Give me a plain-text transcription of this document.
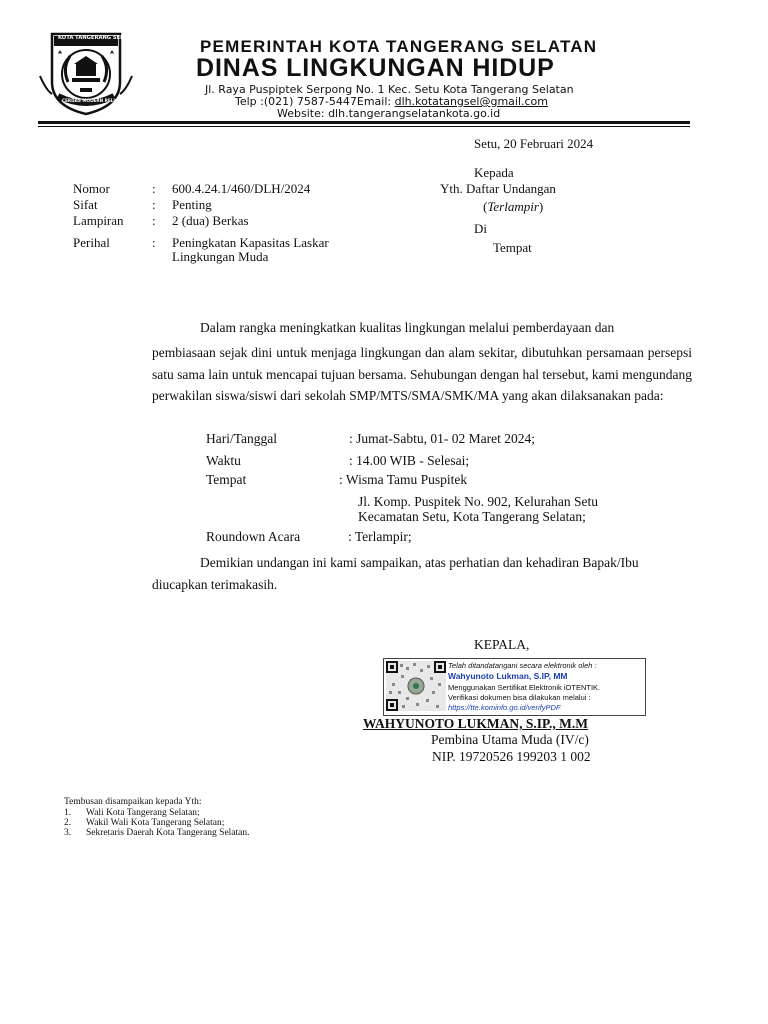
KOTA TANGERANG SELATAN
CERDAS MODERN RELIGIUS
PEMERINTAH KOTA TANGERANG SELATAN
DINAS LINGKUNGAN HIDUP
Jl. Raya Puspiptek Serpong No. 1 Kec. Setu Kota Tangerang Selatan
Telp :(021) 7587-5447Email: dlh.kotatangsel@gmail.com
Website: dlh.tangerangselatankota.go.id
Setu, 20 Februari 2024
Kepada
Yth. Daftar Undangan
(Terlampir)
Di
Tempat
Nomor	: 600.4.24.1/460/DLH/2024
Sifat	: Penting
Lampiran : 2 (dua) Berkas
Perihal	: Peningkatan Kapasitas Laskar
Lingkungan Muda
Dalam rangka meningkatkan kualitas lingkungan melalui pemberdayaan dan
pembiasaan sejak dini untuk menjaga lingkungan dan alam sekitar, dibutuhkan persamaan persepsi satu sama lain untuk mencapai tujuan bersama. Sehubungan dengan hal tersebut, kami mengundang perwakilan siswa/siswi dari sekolah SMP/MTS/SMA/SMK/MA yang akan dilaksanakan pada:
Hari/Tanggal	: Jumat-Sabtu, 01- 02 Maret 2024;
Waktu	: 14.00 WIB - Selesai;
Tempat	: Wisma Tamu Puspitek
Jl. Komp. Puspitek No. 902, Kelurahan Setu
Kecamatan Setu, Kota Tangerang Selatan;
Roundown Acara	: Terlampir;
Demikian undangan ini kami sampaikan, atas perhatian dan kehadiran Bapak/Ibu
diucapkan terimakasih.
KEPALA,
Telah ditandatangani secara elektronik oleh :
Wahyunoto Lukman, S.IP, MM
Menggunakan Sertifikat Elektronik iOTENTIK.
Verifikasi dokumen bisa dilakukan melalui :
https://tte.kominfo.go.id/verifyPDF
WAHYUNOTO LUKMAN, S.IP., M.M
Pembina Utama Muda (IV/c)
NIP. 19720526 199203 1 002
Tembusan disampaikan kepada Yth:
1. Wali Kota Tangerang Selatan;
2. Wakil Wali Kota Tangerang Selatan;
3. Sekretaris Daerah Kota Tangerang Selatan.
